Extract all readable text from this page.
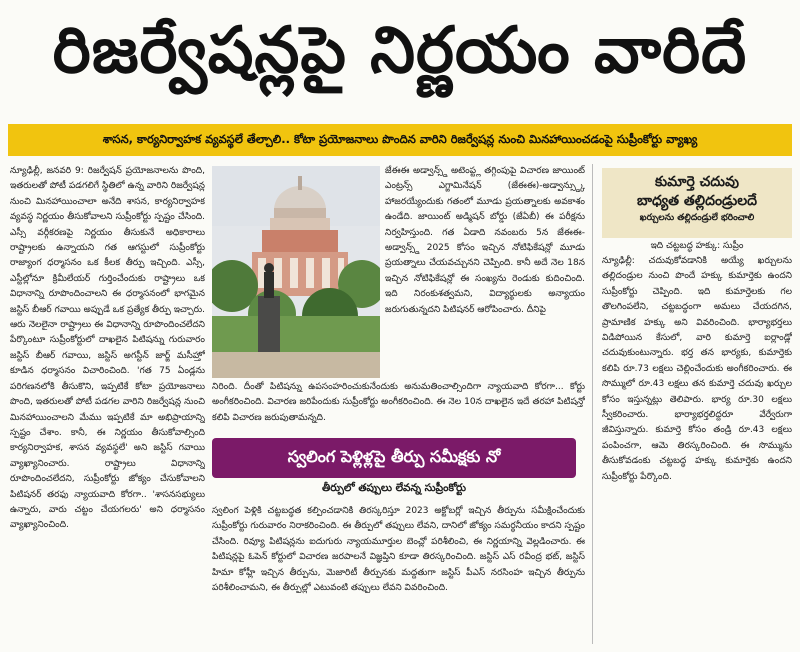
రిజర్వేషన్లపై నిర్ణయం వారిదే
శాసన, కార్యనిర్వాహక వ్యవస్థలే తేల్చాలి.. కోటా ప్రయోజనాలు పొందిన వారిని రిజర్వేషన్ల నుంచి మినహాయించడంపై సుప్రీంకోర్టు వ్యాఖ్య
న్యూఢిల్లీ, జనవరి 9: రిజర్వేషన్ ప్రయోజనాలను పొంది, ఇతరులతో పోటీ పడగలిగే స్థితిలో ఉన్న వారిని రిజర్వేషన్ల నుంచి మినహాయించాలా అనేది శాసన, కార్యనిర్వాహక వ్యవస్థ నిర్ణయం తీసుకోవాలని సుప్రీంకోర్టు స్పష్టం చేసింది. ఎస్సీ వర్గీకరణపై నిర్ణయం తీసుకునే అధికారాలు రాష్ట్రాలకు ఉన్నాయని గత ఆగస్టులో సుప్రీంకోర్టు రాజ్యాంగ ధర్మాసనం ఒక కీలక తీర్పు ఇచ్చింది. ఎస్సీ, ఎస్టీల్లోనూ క్రిమీలేయర్ గుర్తించేందుకు రాష్ట్రాలు ఒక విధానాన్ని రూపొందించాలని ఈ ధర్మాసనంలో భాగమైన జస్టిస్ బీఆర్ గవాయి అప్పుడే ఒక ప్రత్యేక తీర్పు ఇచ్చారు. ఆరు నెలలైనా రాష్ట్రాలు ఈ విధానాన్ని రూపొందించలేదని పేర్కొంటూ సుప్రీంకోర్టులో దాఖలైన పిటిషన్ను గురువారం జస్టిస్ బీఆర్ గవాయి, జస్టిస్ అగస్టీన్ జార్జ్ మసీహ్తో కూడిన ధర్మాసనం విచారించింది. 'గత 75 ఏండ్లను పరిగణనలోకి తీసుకొని, ఇప్పటికే కోటా ప్రయోజనాలు పొంది, ఇతరులతో పోటీ పడగల వారిని రిజర్వేషన్ల నుంచి మినహాయించాలని మేము ఇప్పటికే మా అభిప్రాయాన్ని స్పష్టం చేశాం. కానీ, ఈ నిర్ణయం తీసుకోవాల్సింది కార్యనిర్వాహక, శాసన వ్యవస్థలే' అని జస్టిస్ గవాయి వ్యాఖ్యానించారు. రాష్ట్రాలు విధానాన్ని రూపొందించలేదని, సుప్రీంకోర్టు జోక్యం చేసుకోవాలని పిటిషనర్ తరఫు న్యాయవాది కోరగా.. 'శాసనసభ్యులు ఉన్నారు, వారు చట్టం చేయగలరు' అని ధర్మాసనం వ్యాఖ్యానించింది.
జేఈఈ అడ్వాన్స్డ్ అటెంప్ట్ల తగ్గింపుపై విచారణ జాయింట్ ఎంట్రన్స్ ఎగ్జామినేషన్ (జేఈఈ)-అడ్వాన్స్డ్కు హాజరయ్యేందుకు గతంలో మూడు ప్రయత్నాలకు అవకాశం ఉండేది. జాయింట్ అడ్మిషన్ బోర్డు (జేఏబీ) ఈ పరీక్షను నిర్వహిస్తుంది. గత ఏడాది నవంబరు 5న జేఈఈ-అడ్వాన్స్డ్ 2025 కోసం ఇచ్చిన నోటిఫికేషన్లో మూడు ప్రయత్నాలు చేయవచ్చునని చెప్పింది. కానీ అదే నెల 18న ఇచ్చిన నోటిఫికేషన్లో ఈ సంఖ్యను రెండుకు కుదించింది. ఇది నిరంకుశత్వమని, విద్యార్థులకు అన్యాయం జరుగుతున్నదని పిటిషనర్ ఆరోపించారు. దీనిపై
నిరింది. దీంతో పిటిషన్ను ఉపసంహరించుకునేందుకు అనుమతించాల్సిందిగా న్యాయవాది కోరగా... కోర్టు అంగీకరించింది. విచారణ జరిపేందుకు సుప్రీంకోర్టు అంగీకరించింది. ఈ నెల 10న దాఖలైన ఇదే తరహా పిటిషన్తో కలిపి విచారణ జరుపుతామన్నది.
స్వలింగ పెళ్లిళ్లపై తీర్పు సమీక్షకు నో
తీర్పులో తప్పులు లేవన్న సుప్రీంకోర్టు
స్వలింగ పెళ్లికి చట్టబద్ధత కల్పించడానికి తిరస్కరిస్తూ 2023 అక్టోబర్లో ఇచ్చిన తీర్పును సమీక్షించేందుకు సుప్రీంకోర్టు గురువారం నిరాకరించింది. ఈ తీర్పులో తప్పులు లేవని, దానిలో జోక్యం సమర్థనీయం కాదని స్పష్టం చేసింది. రివ్యూ పిటిషన్లను ఐదుగురు న్యాయమూర్తుల బెంచ్లో పరిశీలించి, ఈ నిర్ణయాన్ని వెల్లడించారు. ఈ పిటిషన్లపై ఓపెన్ కోర్టులో విచారణ జరపాలనే విజ్ఞప్తిని కూడా తిరస్కరించింది. జస్టిస్ ఎస్ రవీంద్ర భట్, జస్టిస్ హిమా కోహ్లీ ఇచ్చిన తీర్పును, మెజారిటీ తీర్పునకు మద్దతుగా జస్టిస్ పీఎస్ నరసింహ ఇచ్చిన తీర్పును పరిశీలించామని, ఈ తీర్పుల్లో ఎటువంటి తప్పులు లేవని వివరించింది.
కుమార్తె చదువు
బాధ్యత తల్లిదండ్రులదే
ఖర్చులను తల్లిదండ్రులే భరించాలి
ఇది చట్టబద్ధ హక్కు: సుప్రీం
న్యూఢిల్లీ: చదువుకోవడానికి అయ్యే ఖర్చులను తల్లిదండ్రుల నుంచి పొందే హక్కు కుమార్తెకు ఉందని సుప్రీంకోర్టు చెప్పింది. ఇది కుమార్తెలకు గల తొలగింపలేని, చట్టబద్ధంగా అమలు చేయదగిన, ప్రామాణిక హక్కు అని వివరించింది. భార్యాభర్తలు విడిపోయిన కేసులో, వారి కుమార్తె ఐర్లాండ్లో చదువుకుంటున్నారు. భర్త తన భార్యకు, కుమార్తెకు కలిపి రూ.73 లక్షలు చెల్లించేందుకు అంగీకరించారు. ఈ సొమ్ములో రూ.43 లక్షలు తన కుమార్తె చదువు ఖర్చుల కోసం ఇస్తున్నట్లు తెలిపారు. భార్య రూ.30 లక్షలు స్వీకరించారు. భార్యాభర్తలిద్దరూ వేర్వేరుగా జీవిస్తున్నారు. కుమార్తె కోసం తండ్రి రూ.43 లక్షలు పంపించగా, ఆమె తిరస్కరించింది. ఈ సొమ్మును తీసుకోవడంకు చట్టబద్ధ హక్కు కుమార్తెకు ఉందని సుప్రీంకోర్టు పేర్కొంది.
